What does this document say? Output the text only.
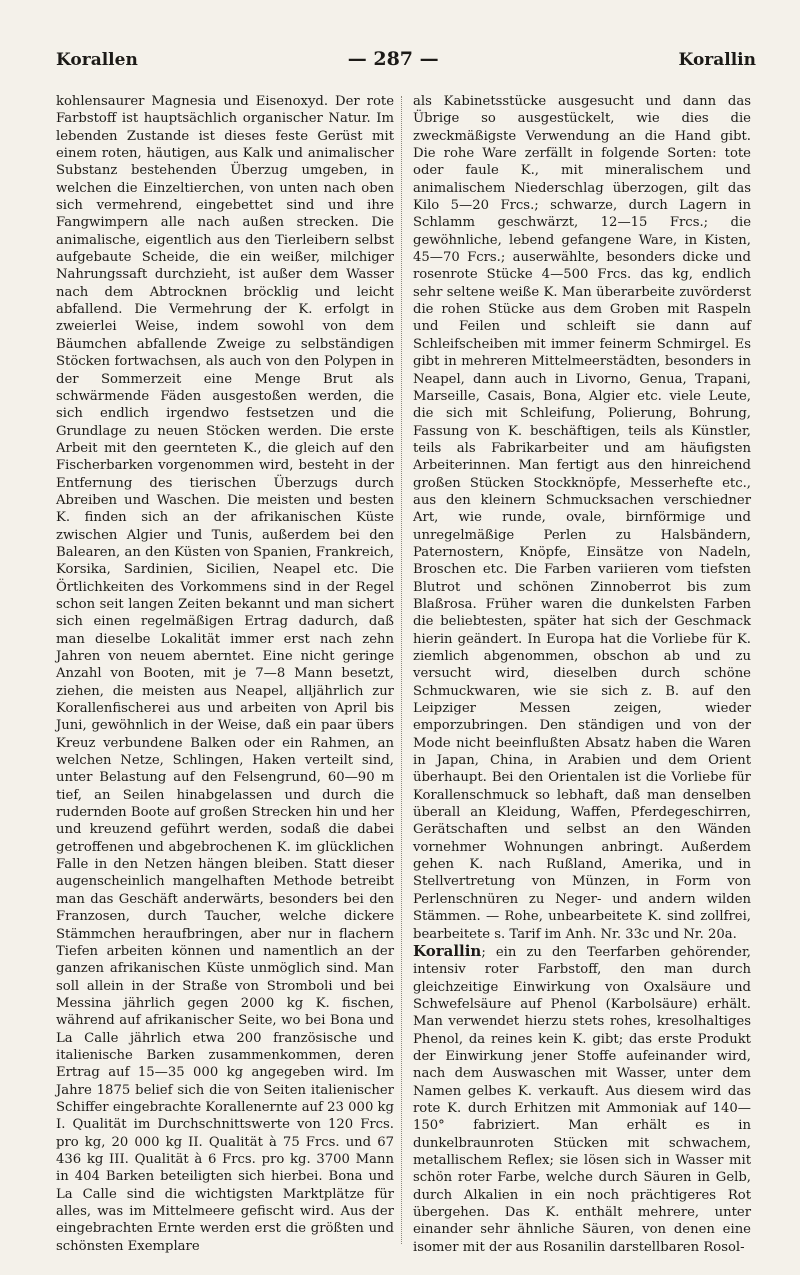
Korallen	— 287 —	Korallin
kohlensaurer Magnesia und Eisenoxyd. Der rote Farbstoff ist hauptsächlich organischer Natur. Im lebenden Zustande ist dieses feste Gerüst mit einem roten, häutigen, aus Kalk und animalischer Substanz bestehenden Überzug umgeben, in welchen die Einzeltierchen, von unten nach oben sich vermehrend, eingebettet sind und ihre Fangwimpern alle nach außen strecken. Die animalische, eigentlich aus den Tierleibern selbst aufgebaute Scheide, die ein weißer, milchiger Nahrungssaft durchzieht, ist außer dem Wasser nach dem Abtrocknen bröcklig und leicht abfallend. Die Vermehrung der K. erfolgt in zweierlei Weise, indem sowohl von dem Bäumchen abfallende Zweige zu selbständigen Stöcken fortwachsen, als auch von den Polypen in der Sommerzeit eine Menge Brut als schwärmende Fäden ausgestoßen werden, die sich endlich irgendwo festsetzen und die Grundlage zu neuen Stöcken werden. Die erste Arbeit mit den geernteten K., die gleich auf den Fischerbarken vorgenommen wird, besteht in der Entfernung des tierischen Überzugs durch Abreiben und Waschen. Die meisten und besten K. finden sich an der afrikanischen Küste zwischen Algier und Tunis, außerdem bei den Balearen, an den Küsten von Spanien, Frankreich, Korsika, Sardinien, Sicilien, Neapel etc. Die Örtlichkeiten des Vorkommens sind in der Regel schon seit langen Zeiten bekannt und man sichert sich einen regelmäßigen Ertrag dadurch, daß man dieselbe Lokalität immer erst nach zehn Jahren von neuem aberntet. Eine nicht geringe Anzahl von Booten, mit je 7—8 Mann besetzt, ziehen, die meisten aus Neapel, alljährlich zur Korallenfischerei aus und arbeiten von April bis Juni, gewöhnlich in der Weise, daß ein paar übers Kreuz verbundene Balken oder ein Rahmen, an welchen Netze, Schlingen, Haken verteilt sind, unter Belastung auf den Felsengrund, 60—90 m tief, an Seilen hinabgelassen und durch die rudernden Boote auf großen Strecken hin und her und kreuzend geführt werden, sodaß die dabei getroffenen und abgebrochenen K. im glücklichen Falle in den Netzen hängen bleiben. Statt dieser augenscheinlich mangelhaften Methode betreibt man das Geschäft anderwärts, besonders bei den Franzosen, durch Taucher, welche dickere Stämmchen heraufbringen, aber nur in flachern Tiefen arbeiten können und namentlich an der ganzen afrikanischen Küste unmöglich sind. Man soll allein in der Straße von Stromboli und bei Messina jährlich gegen 2000 kg K. fischen, während auf afrikanischer Seite, wo bei Bona und La Calle jährlich etwa 200 französische und italienische Barken zusammenkommen, deren Ertrag auf 15—35 000 kg angegeben wird. Im Jahre 1875 belief sich die von Seiten italienischer Schiffer eingebrachte Korallenernte auf 23 000 kg I. Qualität im Durchschnittswerte von 120 Frcs. pro kg, 20 000 kg II. Qualität à 75 Frcs. und 67 436 kg III. Qualität à 6 Frcs. pro kg. 3700 Mann in 404 Barken beteiligten sich hierbei. Bona und La Calle sind die wichtigsten Marktplätze für alles, was im Mittelmeere gefischt wird. Aus der eingebrachten Ernte werden erst die größten und schönsten Exemplare
als Kabinetsstücke ausgesucht und dann das Übrige so ausgestückelt, wie dies die zweckmäßigste Verwendung an die Hand gibt. Die rohe Ware zerfällt in folgende Sorten: tote oder faule K., mit mineralischem und animalischem Niederschlag überzogen, gilt das Kilo 5—20 Frcs.; schwarze, durch Lagern in Schlamm geschwärzt, 12—15 Frcs.; die gewöhnliche, lebend gefangene Ware, in Kisten, 45—70 Fcrs.; auserwählte, besonders dicke und rosenrote Stücke 4—500 Frcs. das kg, endlich sehr seltene weiße K. Man überarbeite zuvörderst die rohen Stücke aus dem Groben mit Raspeln und Feilen und schleift sie dann auf Schleifscheiben mit immer feinerm Schmirgel. Es gibt in mehreren Mittelmeerstädten, besonders in Neapel, dann auch in Livorno, Genua, Trapani, Marseille, Casais, Bona, Algier etc. viele Leute, die sich mit Schleifung, Polierung, Bohrung, Fassung von K. beschäftigen, teils als Künstler, teils als Fabrikarbeiter und am häufigsten Arbeiterinnen. Man fertigt aus den hinreichend großen Stücken Stockknöpfe, Messerhefte etc., aus den kleinern Schmucksachen verschiedner Art, wie runde, ovale, birnförmige und unregelmäßige Perlen zu Halsbändern, Paternostern, Knöpfe, Einsätze von Nadeln, Broschen etc. Die Farben variieren vom tiefsten Blutrot und schönen Zinnoberrot bis zum Blaßrosa. Früher waren die dunkelsten Farben die beliebtesten, später hat sich der Geschmack hierin geändert. In Europa hat die Vorliebe für K. ziemlich abgenommen, obschon ab und zu versucht wird, dieselben durch schöne Schmuckwaren, wie sie sich z. B. auf den Leipziger Messen zeigen, wieder emporzubringen. Den ständigen und von der Mode nicht beeinflußten Absatz haben die Waren in Japan, China, in Arabien und dem Orient überhaupt. Bei den Orientalen ist die Vorliebe für Korallenschmuck so lebhaft, daß man denselben überall an Kleidung, Waffen, Pferdegeschirren, Gerätschaften und selbst an den Wänden vornehmer Wohnungen anbringt. Außerdem gehen K. nach Rußland, Amerika, und in Stellvertretung von Münzen, in Form von Perlenschnüren zu Neger- und andern wilden Stämmen. — Rohe, unbearbeitete K. sind zollfrei, bearbeitete s. Tarif im Anh. Nr. 33c und Nr. 20a.
Korallin; ein zu den Teerfarben gehörender, intensiv roter Farbstoff, den man durch gleichzeitige Einwirkung von Oxalsäure und Schwefelsäure auf Phenol (Karbolsäure) erhält. Man verwendet hierzu stets rohes, kresolhaltiges Phenol, da reines kein K. gibt; das erste Produkt der Einwirkung jener Stoffe aufeinander wird, nach dem Auswaschen mit Wasser, unter dem Namen gelbes K. verkauft. Aus diesem wird das rote K. durch Erhitzen mit Ammoniak auf 140—150° fabriziert. Man erhält es in dunkelbraunroten Stücken mit schwachem, metallischem Reflex; sie lösen sich in Wasser mit schön roter Farbe, welche durch Säuren in Gelb, durch Alkalien in ein noch prächtigeres Rot übergehen. Das K. enthält mehrere, unter einander sehr ähnliche Säuren, von denen eine isomer mit der aus Rosanilin darstellbaren Rosol-
